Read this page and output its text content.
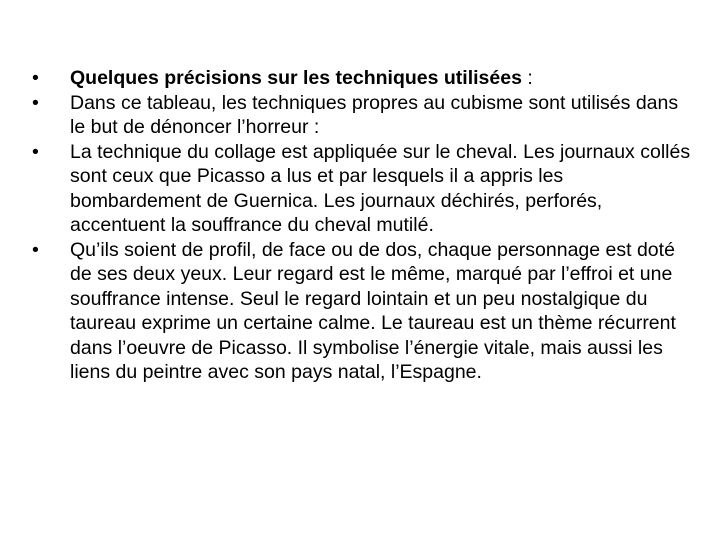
•	Quelques précisions sur les techniques utilisées :
•	Dans ce tableau, les techniques propres au cubisme sont utilisés dans le but de dénoncer l’horreur :
•	La technique du collage est appliquée sur le cheval. Les journaux collés sont ceux que Picasso a lus et par lesquels il a appris les bombardement de Guernica. Les journaux déchirés, perforés, accentuent la souffrance du cheval mutilé.
•	Qu’ils soient de profil, de face ou de dos, chaque personnage est doté de ses deux yeux. Leur regard est le même, marqué par l’effroi et une souffrance intense. Seul le regard lointain et un peu nostalgique du taureau exprime un certaine calme. Le taureau est un thème récurrent dans l’oeuvre de Picasso. Il symbolise l’énergie vitale, mais aussi les liens du peintre avec son pays natal, l’Espagne.
